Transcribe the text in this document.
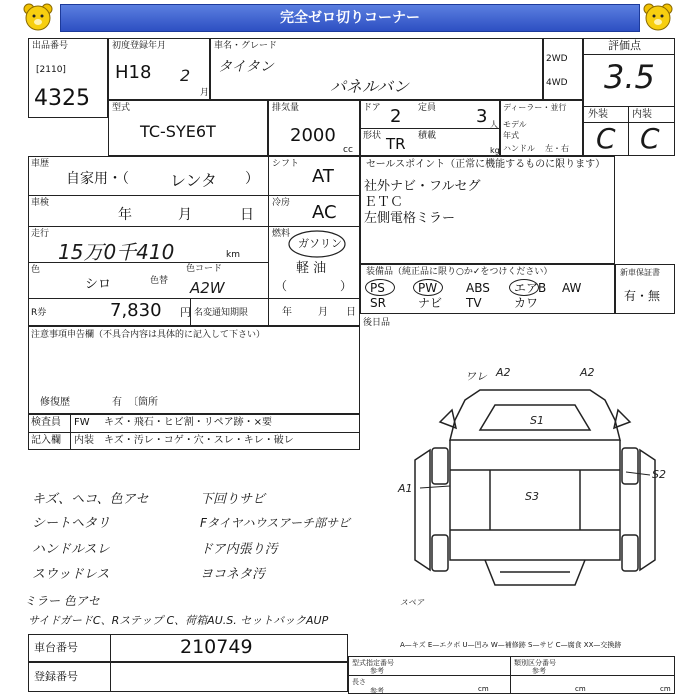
完全ゼロ切りコーナー
出品番号
[2110]
4325
初度登録年月
H18 2
月
車名・グレード
タイタン
パネルバン
2WD
4WD
評価点
3.5
外装 内装
C C
型式
TC-SYE6T
排気量
2000
cc
ドア 2 定員 3 人
形状 TR 積載
kg
ディーラー・並行
モデル
年式
ハンドル 左・右
車歴
自家用・（	レンタ ）
シフト
AT
車検
年	月	日
冷房 AC
走行
15万0千410	km
燃料
ガソリン
軽 油
（	）
色
シロ	色替
色コード
A2W
R券	7,830 円 名変通知期限	年	月 日
セールスポイント（正常に機能するものに限ります）
社外ナビ・フルセグ
ＥＴＣ
左側電格ミラー
装備品（純正品に限り○か✓をつけください）
PS	PW ABS エアB AW
SR	ナビ TV	カワ
新車保証書
有・無
後日品
注意事項申告欄（不具合内容は具体的に記入して下さい）
修復歴	有 〔箇所
検査員
記入欄
FW キズ・飛石・ヒビ割・リペア跡・×要
内装 キズ・汚レ・コゲ・穴・スレ・キレ・破レ
キズ、ヘコ、色アセ
シートヘタリ
ハンドルスレ
スウッドレス
ミラー 色アセ
下回りサビ
Fタイヤハウスアーチ部サビ
ドア内張り汚
ヨコネタ汚
サイドガードC、Rステップ C、荷箱AU.S. セットバックAUP
ワレ A2	A2
S1
A1
S2
S3
スペア
A—キズ E—エクボ U—凹み W—補修跡 S—サビ C—腐食 XX—交換跡
車台番号	210749
登録番号
型式指定番号
参考
類別区分番号
参考
長さ
参考	cm	cm	cm
